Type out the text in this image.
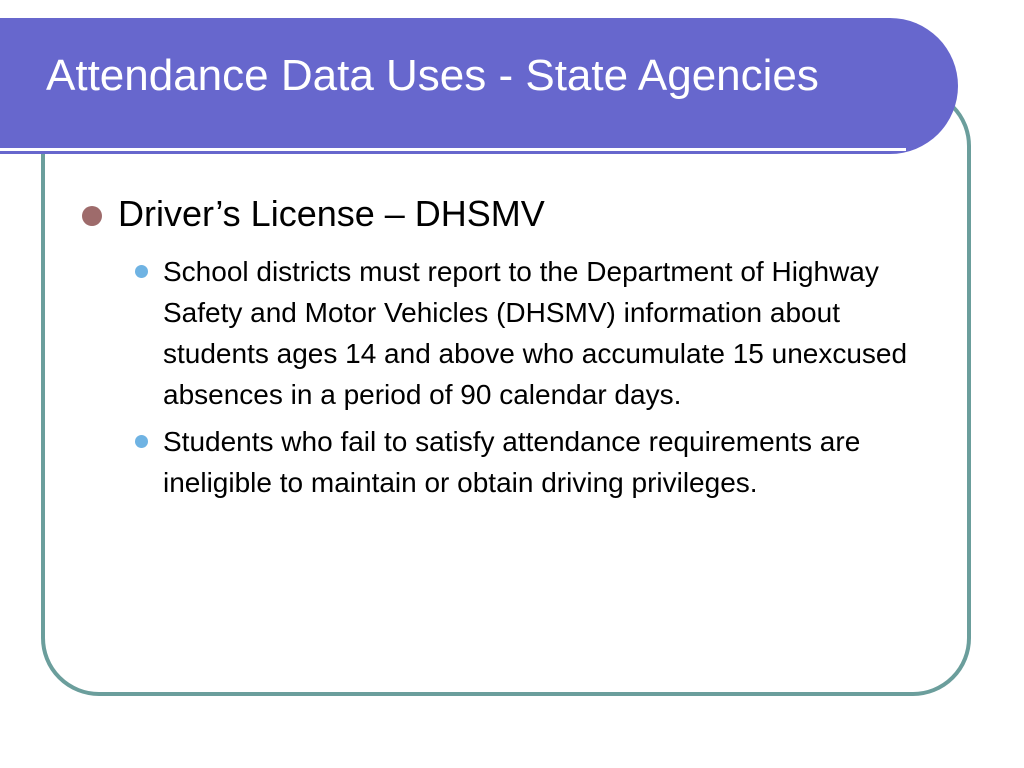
Attendance Data Uses - State Agencies
Driver’s License – DHSMV
School districts must report to the Department of Highway Safety and Motor Vehicles (DHSMV) information about students ages 14 and above who accumulate 15 unexcused absences in a period of 90 calendar days.
Students who fail to satisfy attendance requirements are ineligible to maintain or obtain driving privileges.
